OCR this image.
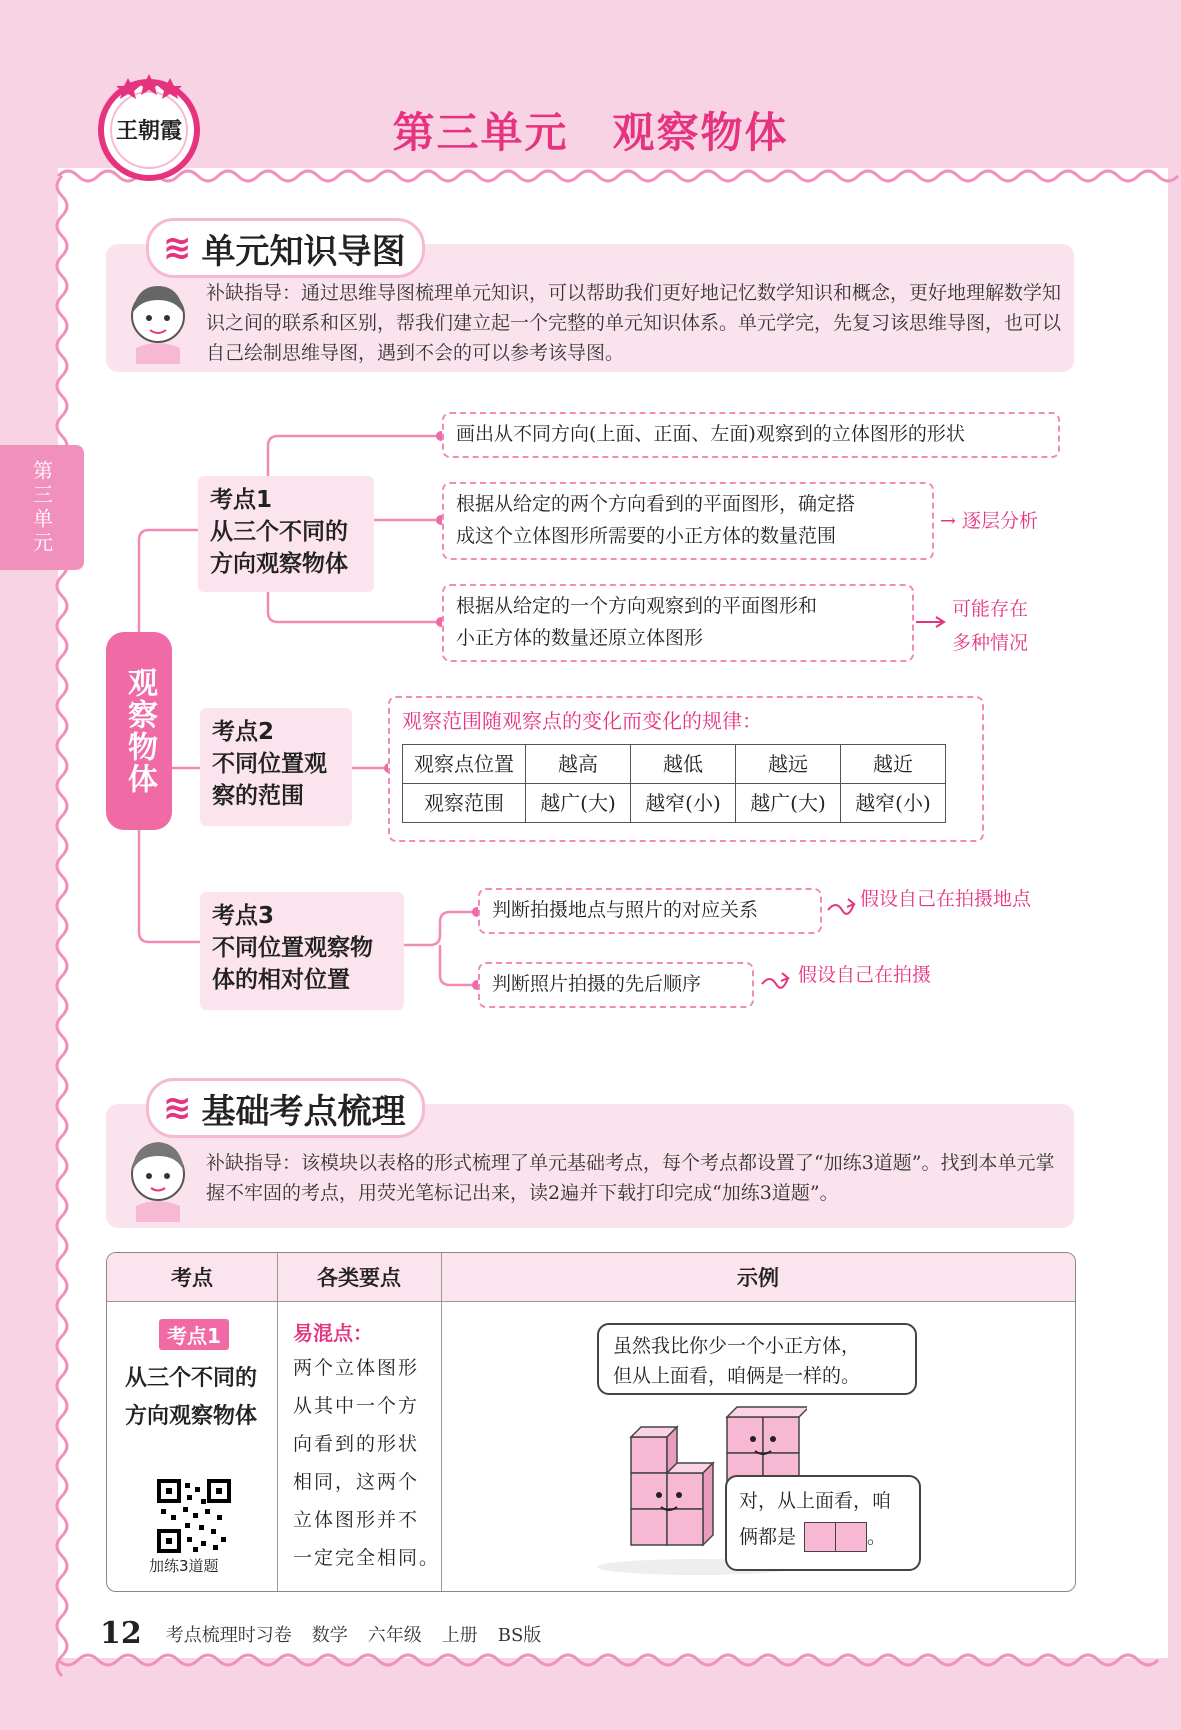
王朝霞	第三单元　观察物体
第三单元
≋ 单元知识导图
补缺指导：通过思维导图梳理单元知识，可以帮助我们更好地记忆数学知识和概念，更好地理解数学知识之间的联系和区别，帮我们建立起一个完整的单元知识体系。单元学完，先复习该思维导图，也可以自己绘制思维导图，遇到不会的可以参考该导图。
观察物体
考点1
从三个不同的
方向观察物体
画出从不同方向(上面、正面、左面)观察到的立体图形的形状
根据从给定的两个方向看到的平面图形，确定搭
成这个立体图形所需要的小正方体的数量范围
→ 逐层分析
根据从给定的一个方向观察到的平面图形和
小正方体的数量还原立体图形
可能存在
多种情况
考点2
不同位置观
察的范围
观察范围随观察点的变化而变化的规律：
观察点位置	越高	越低	越远	越近
观察范围	越广(大)	越窄(小)	越广(大)	越窄(小)
考点3
不同位置观察物
体的相对位置
判断拍摄地点与照片的对应关系	假设自己在拍摄地点
判断照片拍摄的先后顺序	假设自己在拍摄
≋ 基础考点梳理
补缺指导：该模块以表格的形式梳理了单元基础考点，每个考点都设置了“加练3道题”。找到本单元掌握不牢固的考点，用荧光笔标记出来，读2遍并下载打印完成“加练3道题”。
考点	各类要点	示例
考点1
从三个不同的
方向观察物体
加练3道题
易混点：
两个立体图形
从其中一个方
向看到的形状
相同，这两个
立体图形并不
一定完全相同。
虽然我比你少一个小正方体，
但从上面看，咱俩是一样的。
对，从上面看，咱
俩都是	。
12 考点梳理时习卷 数学 六年级 上册 BS版
